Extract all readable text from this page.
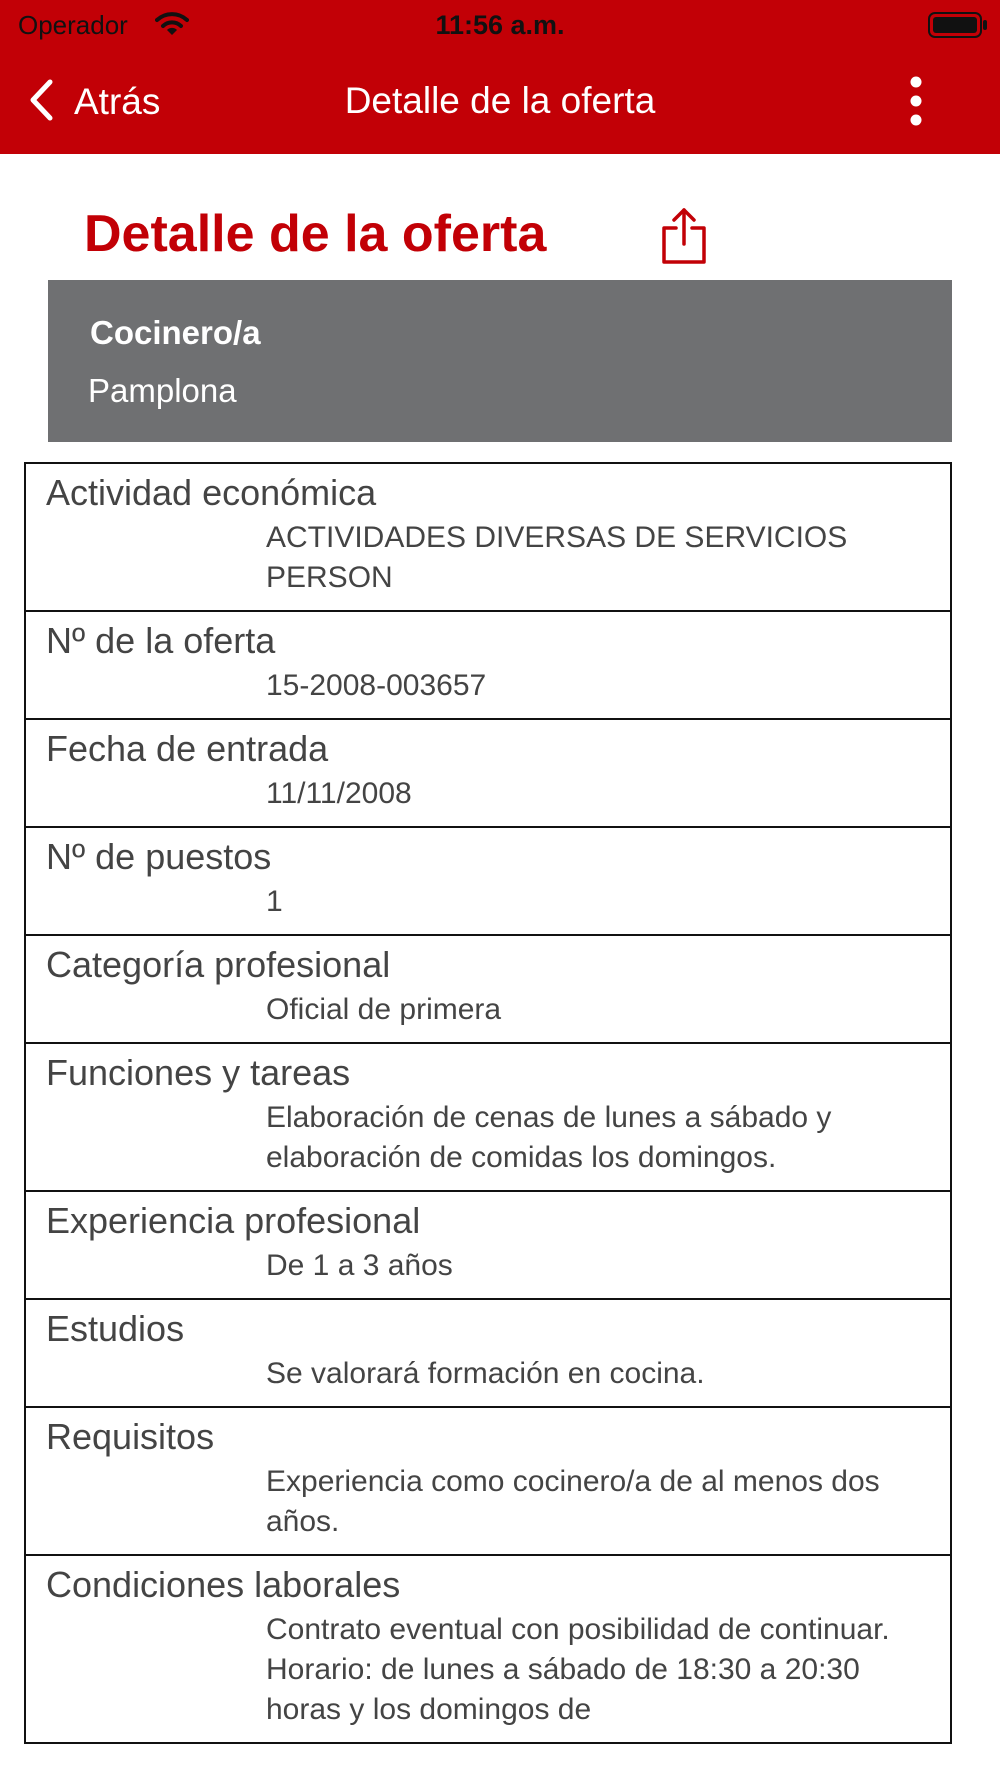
Operador	11:56 a.m.
Atrás	Detalle de la oferta
Detalle de la oferta
Cocinero/a
Pamplona
Actividad económica
ACTIVIDADES DIVERSAS DE SERVICIOS PERSON
Nº de la oferta
15-2008-003657
Fecha de entrada
11/11/2008
Nº de puestos
1
Categoría profesional
Oficial de primera
Funciones y tareas
Elaboración de cenas de lunes a sábado y elaboración de comidas los domingos.
Experiencia profesional
De 1 a 3 años
Estudios
Se valorará formación en cocina.
Requisitos
Experiencia como cocinero/a de al menos dos años.
Condiciones laborales
Contrato eventual con posibilidad de continuar. Horario: de lunes a sábado de 18:30 a 20:30 horas y los domingos de
